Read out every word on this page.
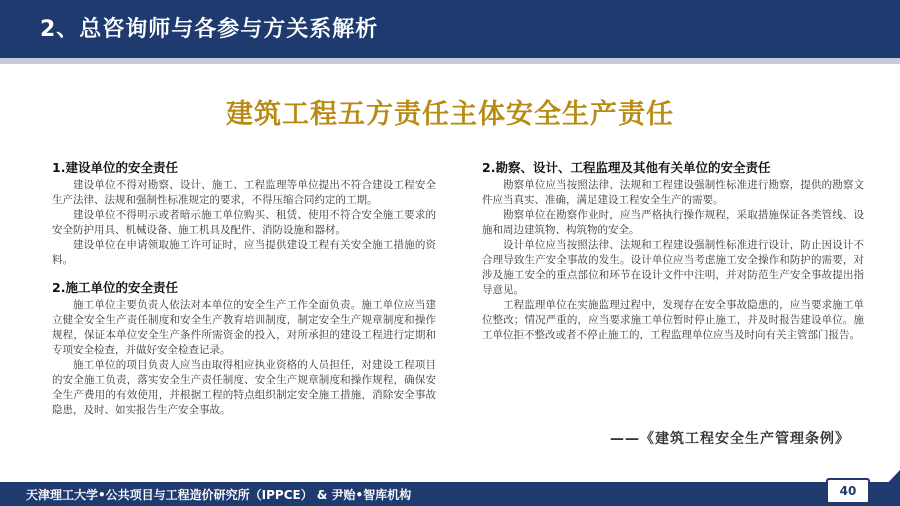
2、总咨询师与各参与方关系解析
建筑工程五方责任主体安全生产责任
1.建设单位的安全责任

建设单位不得对勘察、设计、施工、工程监理等单位提出不符合建设工程安全生产法律、法规和强制性标准规定的要求，不得压缩合同约定的工期。

建设单位不得明示或者暗示施工单位购买、租赁、使用不符合安全施工要求的安全防护用具、机械设备、施工机具及配件、消防设施和器材。

建设单位在申请领取施工许可证时，应当提供建设工程有关安全施工措施的资料。

2.施工单位的安全责任

施工单位主要负责人依法对本单位的安全生产工作全面负责。施工单位应当建立健全安全生产责任制度和安全生产教育培训制度，制定安全生产规章制度和操作规程，保证本单位安全生产条件所需资金的投入，对所承担的建设工程进行定期和专项安全检查，并做好安全检查记录。

施工单位的项目负责人应当由取得相应执业资格的人员担任，对建设工程项目的安全施工负责，落实安全生产责任制度、安全生产规章制度和操作规程，确保安全生产费用的有效使用，并根据工程的特点组织制定安全施工措施，消除安全事故隐患，及时、如实报告生产安全事故。

2.勘察、设计、工程监理及其他有关单位的安全责任

勘察单位应当按照法律、法规和工程建设强制性标准进行勘察，提供的勘察文件应当真实、准确，满足建设工程安全生产的需要。

勘察单位在勘察作业时，应当严格执行操作规程，采取措施保证各类管线、设施和周边建筑物、构筑物的安全。

设计单位应当按照法律、法规和工程建设强制性标准进行设计，防止因设计不合理导致生产安全事故的发生。设计单位应当考虑施工安全操作和防护的需要，对涉及施工安全的重点部位和环节在设计文件中注明，并对防范生产安全事故提出指导意见。

工程监理单位在实施监理过程中，发现存在安全事故隐患的，应当要求施工单位整改；情况严重的，应当要求施工单位暂时停止施工，并及时报告建设单位。施工单位拒不整改或者不停止施工的，工程监理单位应当及时向有关主管部门报告。

——《建筑工程安全生产管理条例》
天津理工大学•公共项目与工程造价研究所（IPPCE） & 尹贻•智库机构	40
